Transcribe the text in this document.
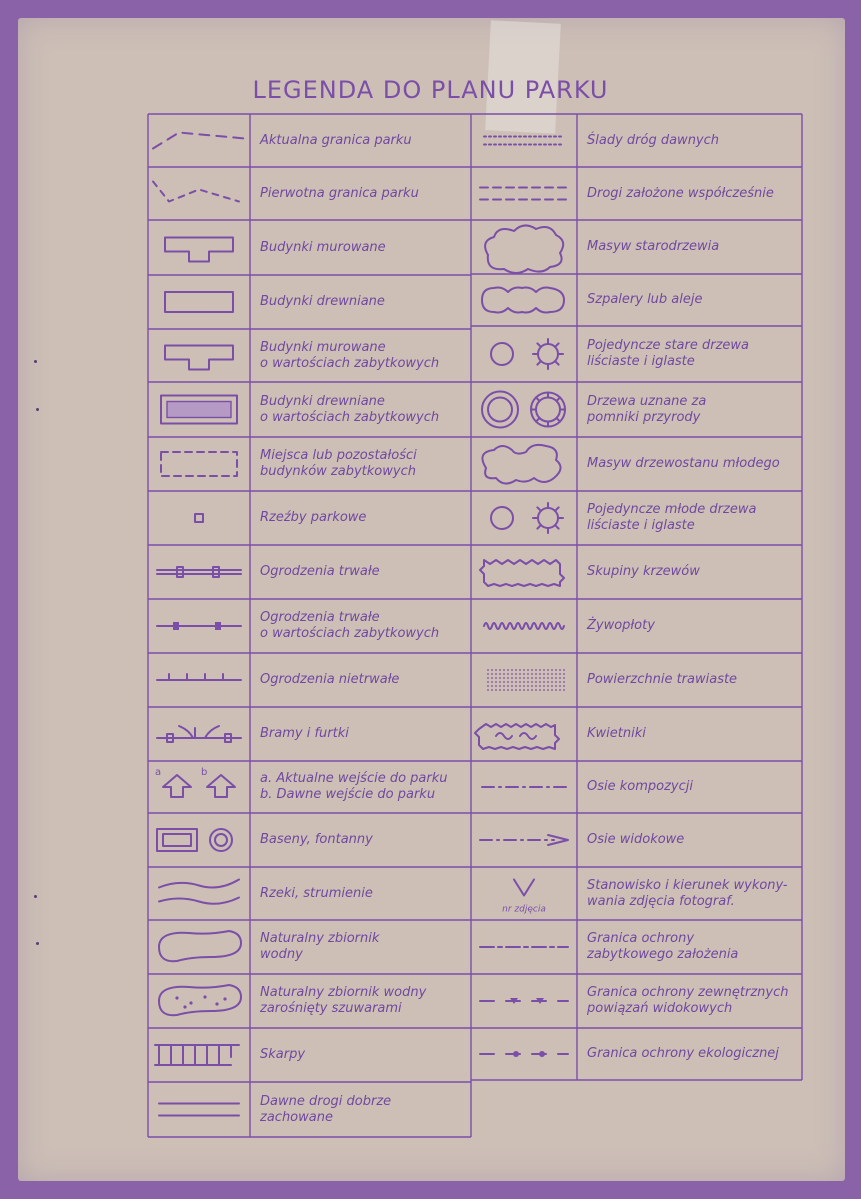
LEGENDA DO PLANU PARKU
a	b
nr zdjęcia
Aktualna granica parku
Pierwotna granica parku
Budynki murowane
Budynki drewniane
Budynki murowane
o wartościach zabytkowych
Budynki drewniane
o wartościach zabytkowych
Miejsca lub pozostałości
budynków zabytkowych
Rzeźby parkowe
Ogrodzenia trwałe
Ogrodzenia trwałe
o wartościach zabytkowych
Ogrodzenia nietrwałe
Bramy i furtki
a. Aktualne wejście do parku
b. Dawne wejście do parku
Baseny, fontanny
Rzeki, strumienie
Naturalny zbiornik
wodny
Naturalny zbiornik wodny
zarośnięty szuwarami
Skarpy
Dawne drogi dobrze
zachowane
Ślady dróg dawnych
Drogi założone współcześnie
Masyw starodrzewia
Szpalery lub aleje
Pojedyncze stare drzewa
liściaste i iglaste
Drzewa uznane za
pomniki przyrody
Masyw drzewostanu młodego
Pojedyncze młode drzewa
liściaste i iglaste
Skupiny krzewów
Żywopłoty
Powierzchnie trawiaste
Kwietniki
Osie kompozycji
Osie widokowe
Stanowisko i kierunek wykony-
wania zdjęcia fotograf.
Granica ochrony
zabytkowego założenia
Granica ochrony zewnętrznych
powiązań widokowych
Granica ochrony ekologicznej
